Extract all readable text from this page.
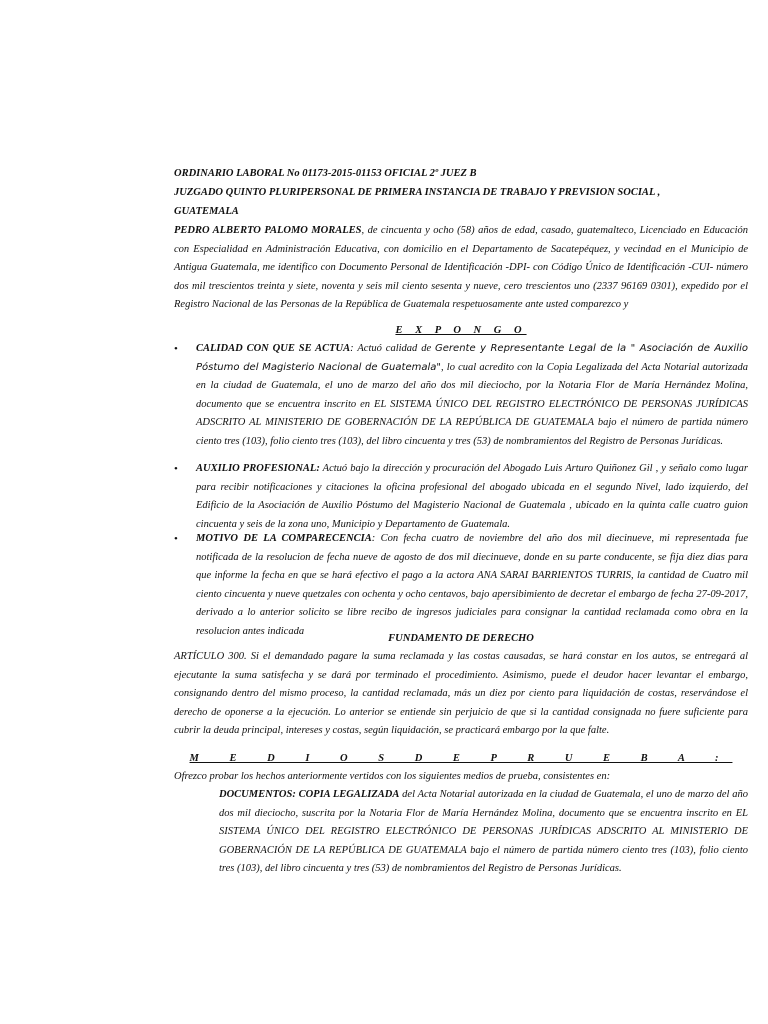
ORDINARIO LABORAL No 01173-2015-01153 OFICIAL 2º JUEZ B
JUZGADO QUINTO PLURIPERSONAL DE PRIMERA INSTANCIA DE TRABAJO Y PREVISION SOCIAL ,
GUATEMALA
PEDRO ALBERTO PALOMO MORALES, de cincuenta y ocho (58) años de edad, casado, guatemalteco, Licenciado en Educación con Especialidad en Administración Educativa, con domicilio en el Departamento de Sacatepéquez, y vecindad en el Municipio de Antigua Guatemala, me identifico con Documento Personal de Identificación -DPI- con Código Único de Identificación -CUI- número dos mil trescientos treinta y siete, noventa y seis mil ciento sesenta y nueve, cero trescientos uno (2337 96169 0301), expedido por el Registro Nacional de las Personas de la República de Guatemala respetuosamente ante usted comparezco y
E X P O N G O
• CALIDAD CON QUE SE ACTUA: Actuó calidad de Gerente y Representante Legal de la " Asociación de Auxilio Póstumo del Magisterio Nacional de Guatemala", lo cual acredito con la Copia Legalizada del Acta Notarial autorizada en la ciudad de Guatemala, el uno de marzo del año dos mil dieciocho, por la Notaria Flor de María Hernández Molina, documento que se encuentra inscrito en EL SISTEMA ÚNICO DEL REGISTRO ELECTRÓNICO DE PERSONAS JURÍDICAS ADSCRITO AL MINISTERIO DE GOBERNACIÓN DE LA REPÚBLICA DE GUATEMALA bajo el número de partida número ciento tres (103), folio ciento tres (103), del libro cincuenta y tres (53) de nombramientos del Registro de Personas Jurídicas.
• AUXILIO PROFESIONAL: Actuó bajo la dirección y procuración del Abogado Luis Arturo Quiñonez Gil , y señalo como lugar para recibir notificaciones y citaciones la oficina profesional del abogado ubicada en el segundo Nivel, lado izquierdo, del Edificio de la Asociación de Auxilio Póstumo del Magisterio Nacional de Guatemala , ubicado en la quinta calle cuatro guion cincuenta y seis de la zona uno, Municipio y Departamento de Guatemala.
• MOTIVO DE LA COMPARECENCIA: Con fecha cuatro de noviembre del año dos mil diecinueve, mi representada fue notificada de la resolucion de fecha nueve de agosto de dos mil diecinueve, donde en su parte conducente, se fija diez dias para que informe la fecha en que se hará efectivo el pago a la actora ANA SARAI BARRIENTOS TURRIS, la cantidad de Cuatro mil ciento cincuenta y nueve quetzales con ochenta y ocho centavos, bajo apersibimiento de decretar el embargo de fecha 27-09-2017, derivado a lo anterior solicito se libre recibo de ingresos judiciales para consignar la cantidad reclamada como obra en la resolucion antes indicada
FUNDAMENTO DE DERECHO
ARTÍCULO 300. Si el demandado pagare la suma reclamada y las costas causadas, se hará constar en los autos, se entregará al ejecutante la suma satisfecha y se dará por terminado el procedimiento. Asimismo, puede el deudor hacer levantar el embargo, consignando dentro del mismo proceso, la cantidad reclamada, más un diez por ciento para liquidación de costas, reservándose el derecho de oponerse a la ejecución. Lo anterior se entiende sin perjuicio de que si la cantidad consignada no fuere suficiente para cubrir la deuda principal, intereses y costas, según liquidación, se practicará embargo por la que falte.
M E D I O S D E P R U E B A :
Ofrezco probar los hechos anteriormente vertidos con los siguientes medios de prueba, consistentes en:
DOCUMENTOS: COPIA LEGALIZADA del Acta Notarial autorizada en la ciudad de Guatemala, el uno de marzo del año dos mil dieciocho, suscrita por la Notaria Flor de María Hernández Molina, documento que se encuentra inscrito en EL SISTEMA ÚNICO DEL REGISTRO ELECTRÓNICO DE PERSONAS JURÍDICAS ADSCRITO AL MINISTERIO DE GOBERNACIÓN DE LA REPÚBLICA DE GUATEMALA bajo el número de partida número ciento tres (103), folio ciento tres (103), del libro cincuenta y tres (53) de nombramientos del Registro de Personas Jurídicas.
